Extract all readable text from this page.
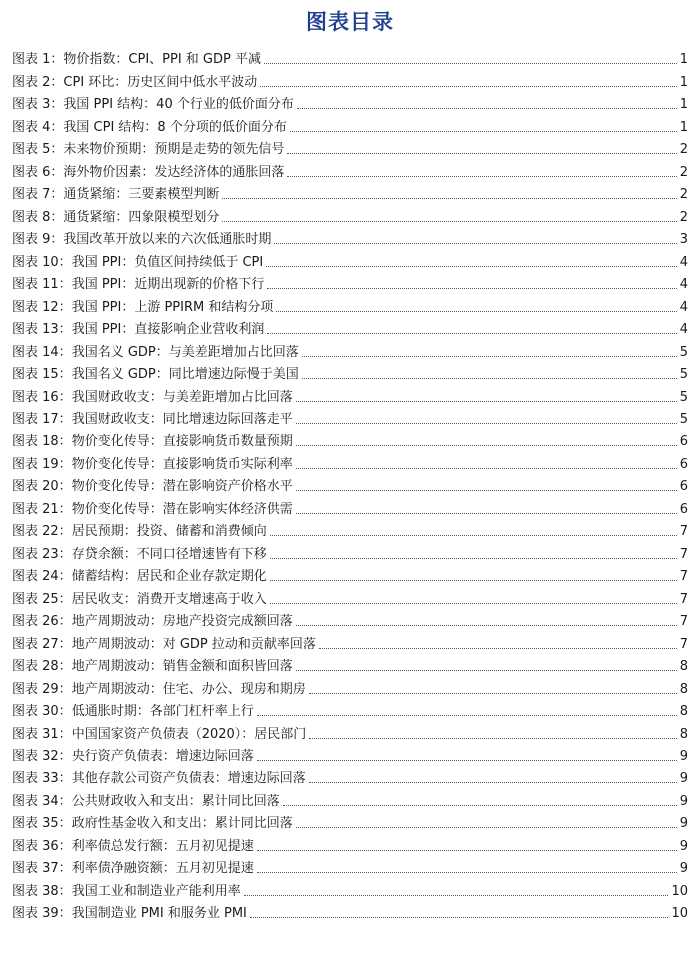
图表目录
图表 1： 物价指数：CPI、PPI 和 GDP 平减	1
图表 2： CPI 环比：历史区间中低水平波动	1
图表 3： 我国 PPI 结构：40 个行业的低价面分布	1
图表 4： 我国 CPI 结构：8 个分项的低价面分布	1
图表 5： 未来物价预期：预期是走势的领先信号	2
图表 6： 海外物价因素：发达经济体的通胀回落	2
图表 7： 通货紧缩：三要素模型判断	2
图表 8： 通货紧缩：四象限模型划分	2
图表 9： 我国改革开放以来的六次低通胀时期	3
图表 10： 我国 PPI：负值区间持续低于 CPI	4
图表 11： 我国 PPI：近期出现新的价格下行	4
图表 12： 我国 PPI：上游 PPIRM 和结构分项	4
图表 13： 我国 PPI：直接影响企业营收利润	4
图表 14： 我国名义 GDP：与美差距增加占比回落	5
图表 15： 我国名义 GDP：同比增速边际慢于美国	5
图表 16： 我国财政收支：与美差距增加占比回落	5
图表 17： 我国财政收支：同比增速边际回落走平	5
图表 18： 物价变化传导：直接影响货币数量预期	6
图表 19： 物价变化传导：直接影响货币实际利率	6
图表 20： 物价变化传导：潜在影响资产价格水平	6
图表 21： 物价变化传导：潜在影响实体经济供需	6
图表 22： 居民预期：投资、储蓄和消费倾向	7
图表 23： 存贷余额：不同口径增速皆有下移	7
图表 24： 储蓄结构：居民和企业存款定期化	7
图表 25： 居民收支：消费开支增速高于收入	7
图表 26： 地产周期波动：房地产投资完成额回落	7
图表 27： 地产周期波动：对 GDP 拉动和贡献率回落	7
图表 28： 地产周期波动：销售金额和面积皆回落	8
图表 29： 地产周期波动：住宅、办公、现房和期房	8
图表 30： 低通胀时期：各部门杠杆率上行	8
图表 31： 中国国家资产负债表（2020）：居民部门	8
图表 32： 央行资产负债表：增速边际回落	9
图表 33： 其他存款公司资产负债表：增速边际回落	9
图表 34： 公共财政收入和支出：累计同比回落	9
图表 35： 政府性基金收入和支出：累计同比回落	9
图表 36： 利率债总发行额：五月初见提速	9
图表 37： 利率债净融资额：五月初见提速	9
图表 38： 我国工业和制造业产能利用率	10
图表 39： 我国制造业 PMI 和服务业 PMI	10
